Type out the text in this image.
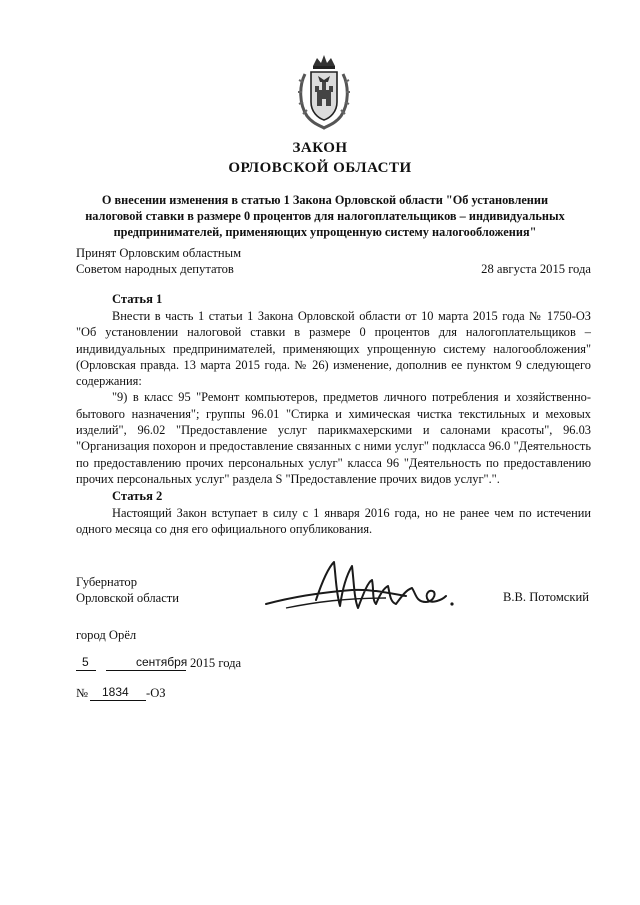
ЗАКОН
ОРЛОВСКОЙ ОБЛАСТИ
О внесении изменения в статью 1 Закона Орловской области "Об установлении
налоговой ставки в размере 0 процентов для налогоплательщиков – индивидуальных
предпринимателей, применяющих упрощенную систему налогообложения"
Принят Орловским областным
Советом народных депутатов	28 августа 2015 года
Статья 1

Внести в часть 1 статьи 1 Закона Орловской области от 10 марта 2015 года № 1750-ОЗ "Об установлении налоговой ставки в размере 0 процентов для налогоплательщиков – индивидуальных предпринимателей, применяющих упрощенную систему налогообложения" (Орловская правда. 13 марта 2015 года. № 26) изменение, дополнив ее пунктом 9 следующего содержания:

"9) в класс 95 "Ремонт компьютеров, предметов личного потребления и хозяйственно-бытового назначения"; группы 96.01 "Стирка и химическая чистка текстильных и меховых изделий", 96.02 "Предоставление услуг парикмахерскими и салонами красоты", 96.03 "Организация похорон и предоставление связанных с ними услуг" подкласса 96.0 "Деятельность по предоставлению прочих персональных услуг" класса 96 "Деятельность по предоставлению прочих персональных услуг" раздела S "Предоставление прочих видов услуг".".

Статья 2

Настоящий Закон вступает в силу с 1 января 2016 года, но не ранее чем по истечении одного месяца со дня его официального опубликования.

Губернатор
Орловской области	В.В. Потомский
город Орёл
5	сентября 2015 года
№ 1834 -ОЗ
